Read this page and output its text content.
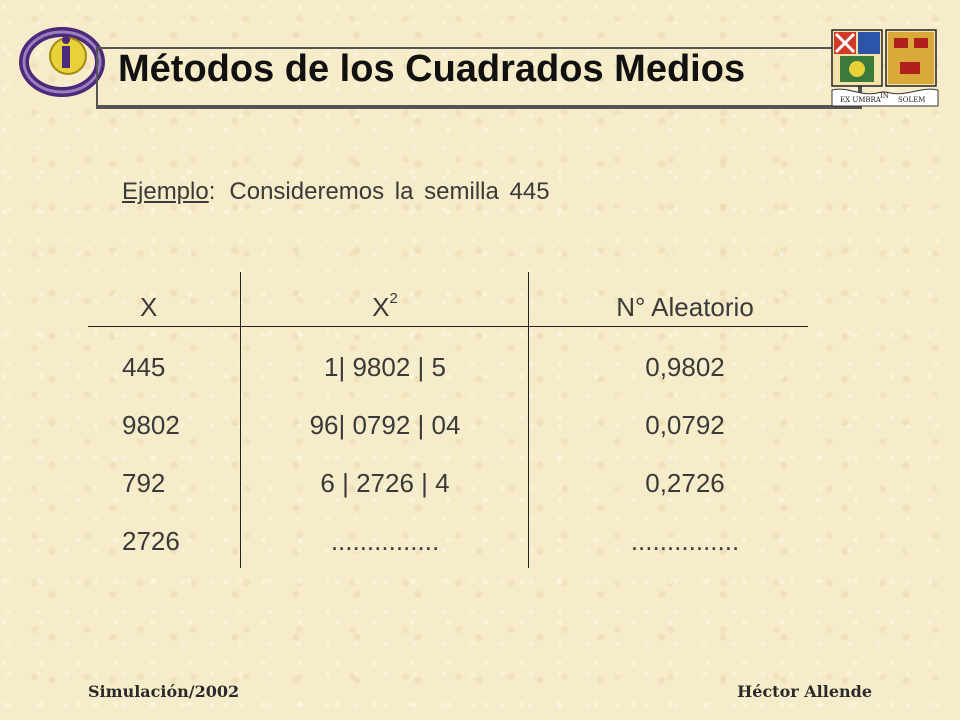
Métodos de los Cuadrados Medios
EX UMBRA IN SOLEM
Ejemplo: Consideremos la semilla 445
X	$X^2$	N° Aleatorio
445	1| 9802 | 5	0,9802
9802	96| 0792 | 04	0,0792
792	6 | 2726 | 4	0,2726
2726	...............	...............
Simulación/2002	Héctor Allende
